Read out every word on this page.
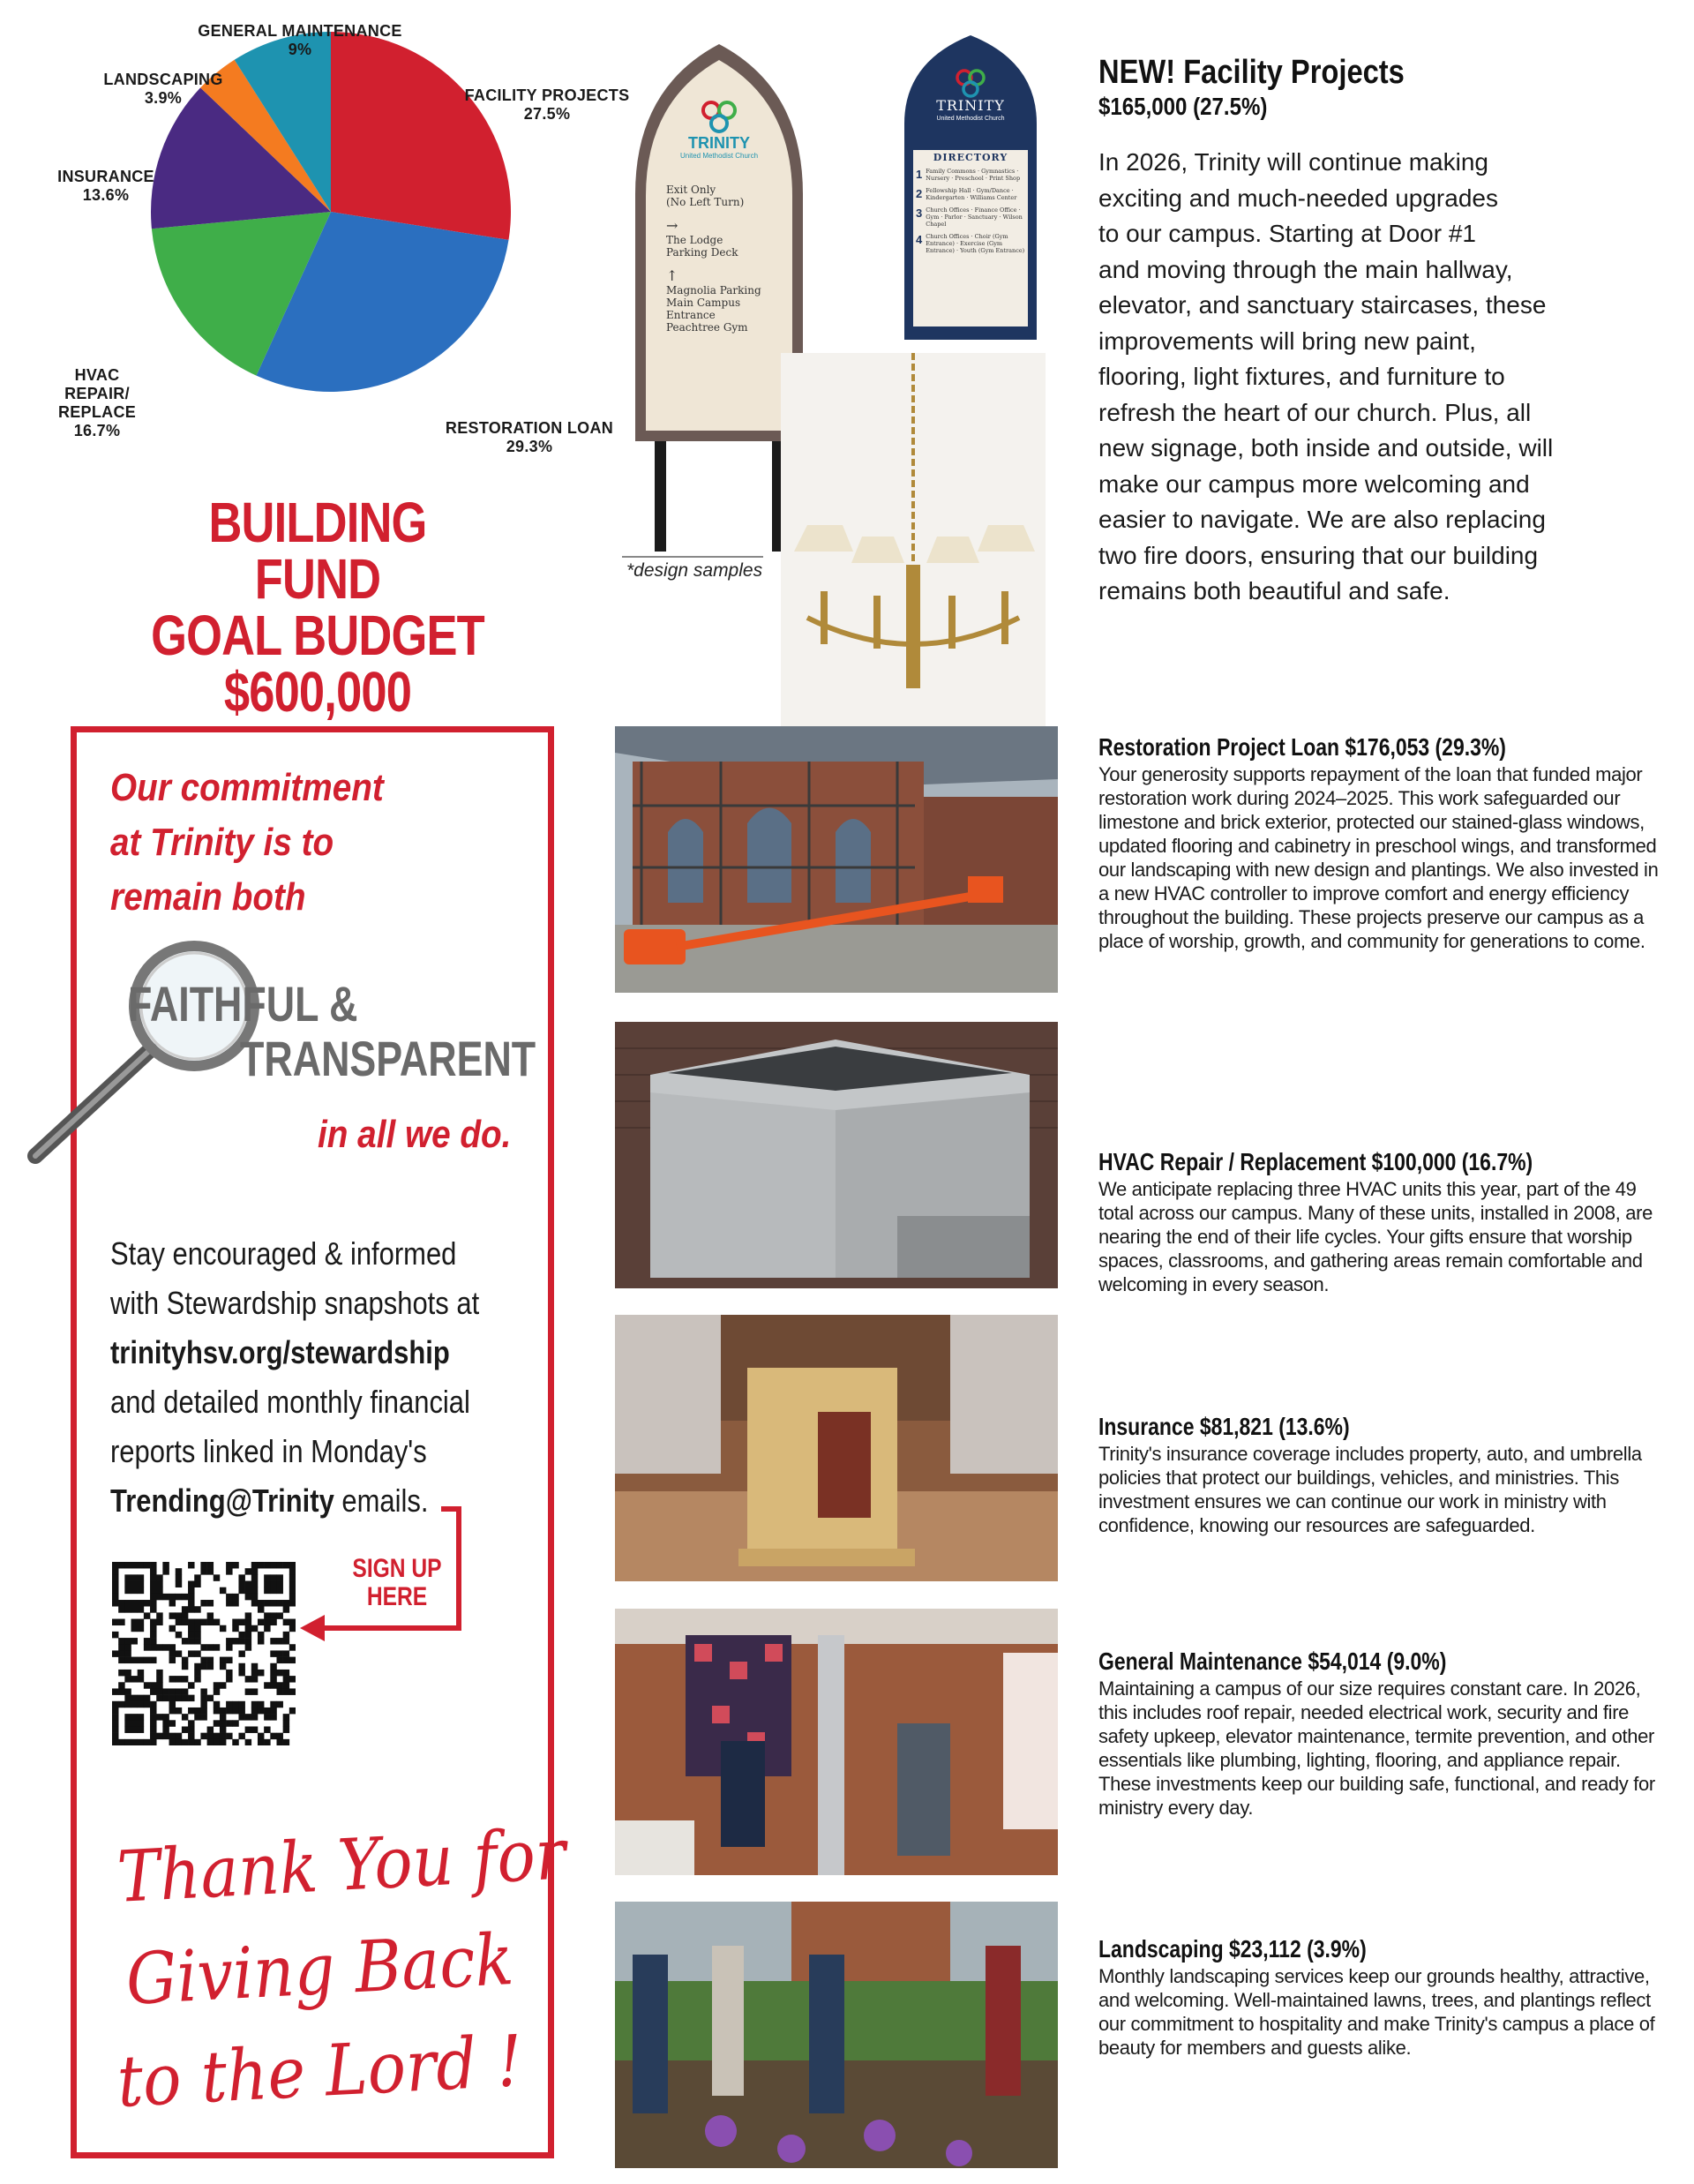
GENERAL MAINTENANCE
9%
LANDSCAPING
3.9%
INSURANCE
13.6%
HVAC REPAIR/ REPLACE
16.7%
FACILITY PROJECTS
27.5%
RESTORATION LOAN
29.3%
BUILDING FUND
GOAL BUDGET
$600,000
TRINITY
United Methodist Church
Exit Only
(No Left Turn)
→
The Lodge
Parking Deck
↑
Magnolia Parking
Main Campus
Entrance
Peachtree Gym
TRINITY
United Methodist Church
DIRECTORY
1 Family Commons · Gymnastics · Nursery · Preschool · Print Shop
2 Fellowship Hall · Gym/Dance · Kindergarten · Williams Center
3 Church Offices · Finance Office · Gym · Parlor · Sanctuary · Wilson Chapel
4 Church Offices · Choir (Gym Entrance) · Exercise (Gym Entrance) · Youth (Gym Entrance)
*design samples
NEW! Facility Projects
$165,000 (27.5%)
In 2026, Trinity will continue making
exciting and much-needed upgrades
to our campus. Starting at Door #1
and moving through the main hallway,
elevator, and sanctuary staircases, these
improvements will bring new paint,
flooring, light fixtures, and furniture to
refresh the heart of our church. Plus, all
new signage, both inside and outside, will
make our campus more welcoming and
easier to navigate. We are also replacing
two fire doors, ensuring that our building
remains both beautiful and safe.
Restoration Project Loan $176,053 (29.3%)
Your generosity supports repayment of the loan that funded major restoration work during 2024–2025. This work safeguarded our limestone and brick exterior, protected our stained-glass windows, updated flooring and cabinetry in preschool wings, and transformed our landscaping with new design and plantings. We also invested in a new HVAC controller to improve comfort and energy efficiency throughout the building. These projects preserve our campus as a place of worship, growth, and community for generations to come.
HVAC Repair / Replacement $100,000 (16.7%)
We anticipate replacing three HVAC units this year, part of the 49 total across our campus. Many of these units, installed in 2008, are nearing the end of their life cycles. Your gifts ensure that worship spaces, classrooms, and gathering areas remain comfortable and welcoming in every season.
Insurance $81,821 (13.6%)
Trinity's insurance coverage includes property, auto, and umbrella policies that protect our buildings, vehicles, and ministries. This investment ensures we can continue our work in ministry with confidence, knowing our resources are safeguarded.
General Maintenance $54,014 (9.0%)
Maintaining a campus of our size requires constant care. In 2026, this includes roof repair, needed electrical work, security and fire safety upkeep, elevator maintenance, termite prevention, and other essentials like plumbing, lighting, flooring, and appliance repair. These investments keep our building safe, functional, and ready for ministry every day.
Landscaping $23,112 (3.9%)
Monthly landscaping services keep our grounds healthy, attractive, and welcoming. Well-maintained lawns, trees, and plantings reflect our commitment to hospitality and make Trinity's campus a place of beauty for members and guests alike.
Our commitment
at Trinity is to
remain both
FAITHFUL &
TRANSPARENT
in all we do.
Stay encouraged & informed
with Stewardship snapshots at
trinityhsv.org/stewardship
and detailed monthly financial
reports linked in Monday's
Trending@Trinity emails.
SIGN UP
HERE
Thank You for
Giving Back
to the Lord !
